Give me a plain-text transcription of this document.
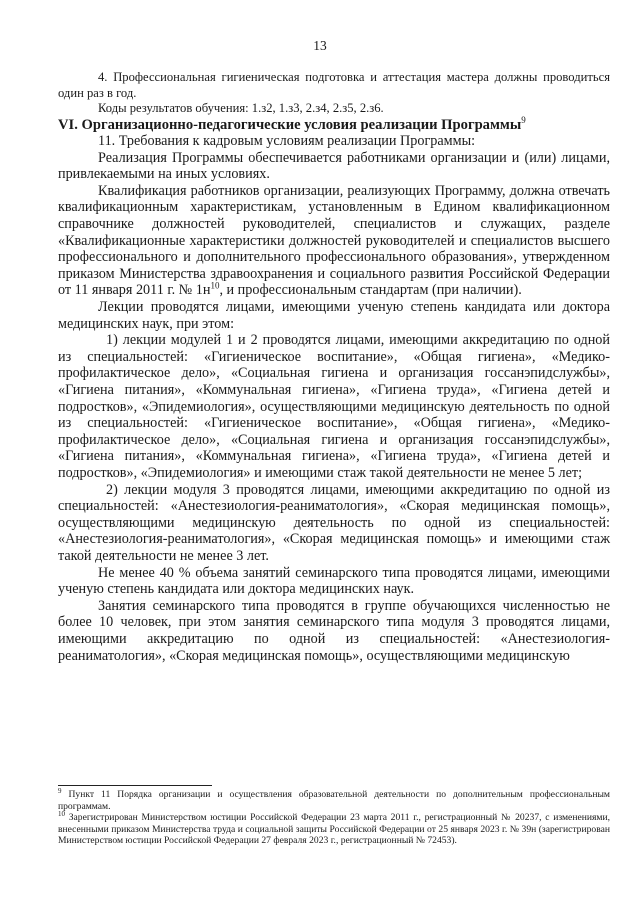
13

4. Профессиональная гигиеническая подготовка и аттестация мастера должны проводиться один раз в год.

Коды результатов обучения: 1.з2, 1.з3, 2.з4, 2.з5, 2.з6.

VI. Организационно-педагогические условия реализации Программы$^9$

11. Требования к кадровым условиям реализации Программы:

Реализация Программы обеспечивается работниками организации и (или) лицами, привлекаемыми на иных условиях.

Квалификация работников организации, реализующих Программу, должна отвечать квалификационным характеристикам, установленным в Едином квалификационном справочнике должностей руководителей, специалистов и служащих, разделе «Квалификационные характеристики должностей руководителей и специалистов высшего профессионального и дополнительного профессионального образования», утвержденном приказом Министерства здравоохранения и социального развития Российской Федерации от 11 января 2011 г. № $1н^{10}$, и профессиональным стандартам (при наличии).

Лекции проводятся лицами, имеющими ученую степень кандидата или доктора медицинских наук, при этом:

1) лекции модулей 1 и 2 проводятся лицами, имеющими аккредитацию по одной из специальностей: «Гигиеническое воспитание», «Общая гигиена», «Медико-профилактическое дело», «Социальная гигиена и организация госсанэпидслужбы», «Гигиена питания», «Коммунальная гигиена», «Гигиена труда», «Гигиена детей и подростков», «Эпидемиология», осуществляющими медицинскую деятельность по одной из специальностей: «Гигиеническое воспитание», «Общая гигиена», «Медико-профилактическое дело», «Социальная гигиена и организация госсанэпидслужбы», «Гигиена питания», «Коммунальная гигиена», «Гигиена труда», «Гигиена детей и подростков», «Эпидемиология» и имеющими стаж такой деятельности не менее 5 лет;

2) лекции модуля 3 проводятся лицами, имеющими аккредитацию по одной из специальностей: «Анестезиология-реаниматология», «Скорая медицинская помощь», осуществляющими медицинскую деятельность по одной из специальностей: «Анестезиология-реаниматология», «Скорая медицинская помощь» и имеющими стаж такой деятельности не менее 3 лет.

Не менее 40 % объема занятий семинарского типа проводятся лицами, имеющими ученую степень кандидата или доктора медицинских наук.

Занятия семинарского типа проводятся в группе обучающихся численностью не более 10 человек, при этом занятия семинарского типа модуля 3 проводятся лицами, имеющими аккредитацию по одной из специальностей: «Анестезиология-реаниматология», «Скорая медицинская помощь», осуществляющими медицинскую

$^9$ Пункт 11 Порядка организации и осуществления образовательной деятельности по дополнительным профессиональным программам.

$^{10}$ Зарегистрирован Министерством юстиции Российской Федерации 23 марта 2011 г., регистрационный № 20237, с изменениями, внесенными приказом Министерства труда и социальной защиты Российской Федерации от 25 января 2023 г. № 39н (зарегистрирован Министерством юстиции Российской Федерации 27 февраля 2023 г., регистрационный № 72453).
